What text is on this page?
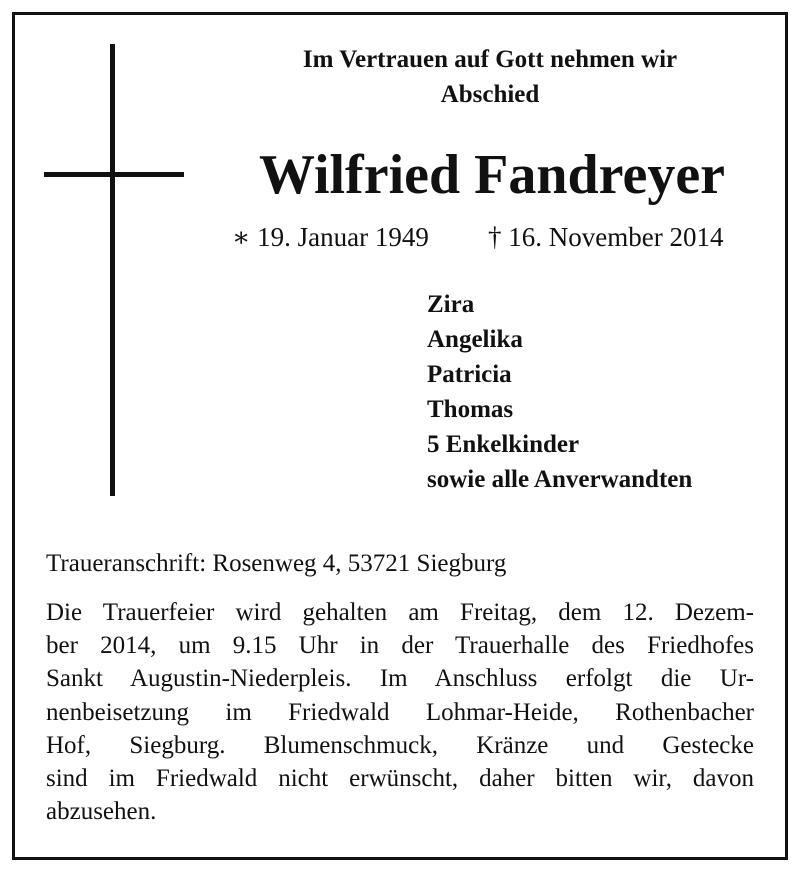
Im Vertrauen auf Gott nehmen wir
Abschied
Wilfried Fandreyer
∗ 19. Januar 1949 † 16. November 2014
Zira
Angelika
Patricia
Thomas
5 Enkelkinder
sowie alle Anverwandten
Traueranschrift: Rosenweg 4, 53721 Siegburg

Die Trauerfeier wird gehalten am Freitag, dem 12. Dezem-
ber 2014, um 9.15 Uhr in der Trauerhalle des Friedhofes
Sankt Augustin-Niederpleis. Im Anschluss erfolgt die Ur-
nenbeisetzung im Friedwald Lohmar-Heide, Rothenbacher
Hof, Siegburg. Blumenschmuck, Kränze und Gestecke
sind im Friedwald nicht erwünscht, daher bitten wir, davon
abzusehen.
